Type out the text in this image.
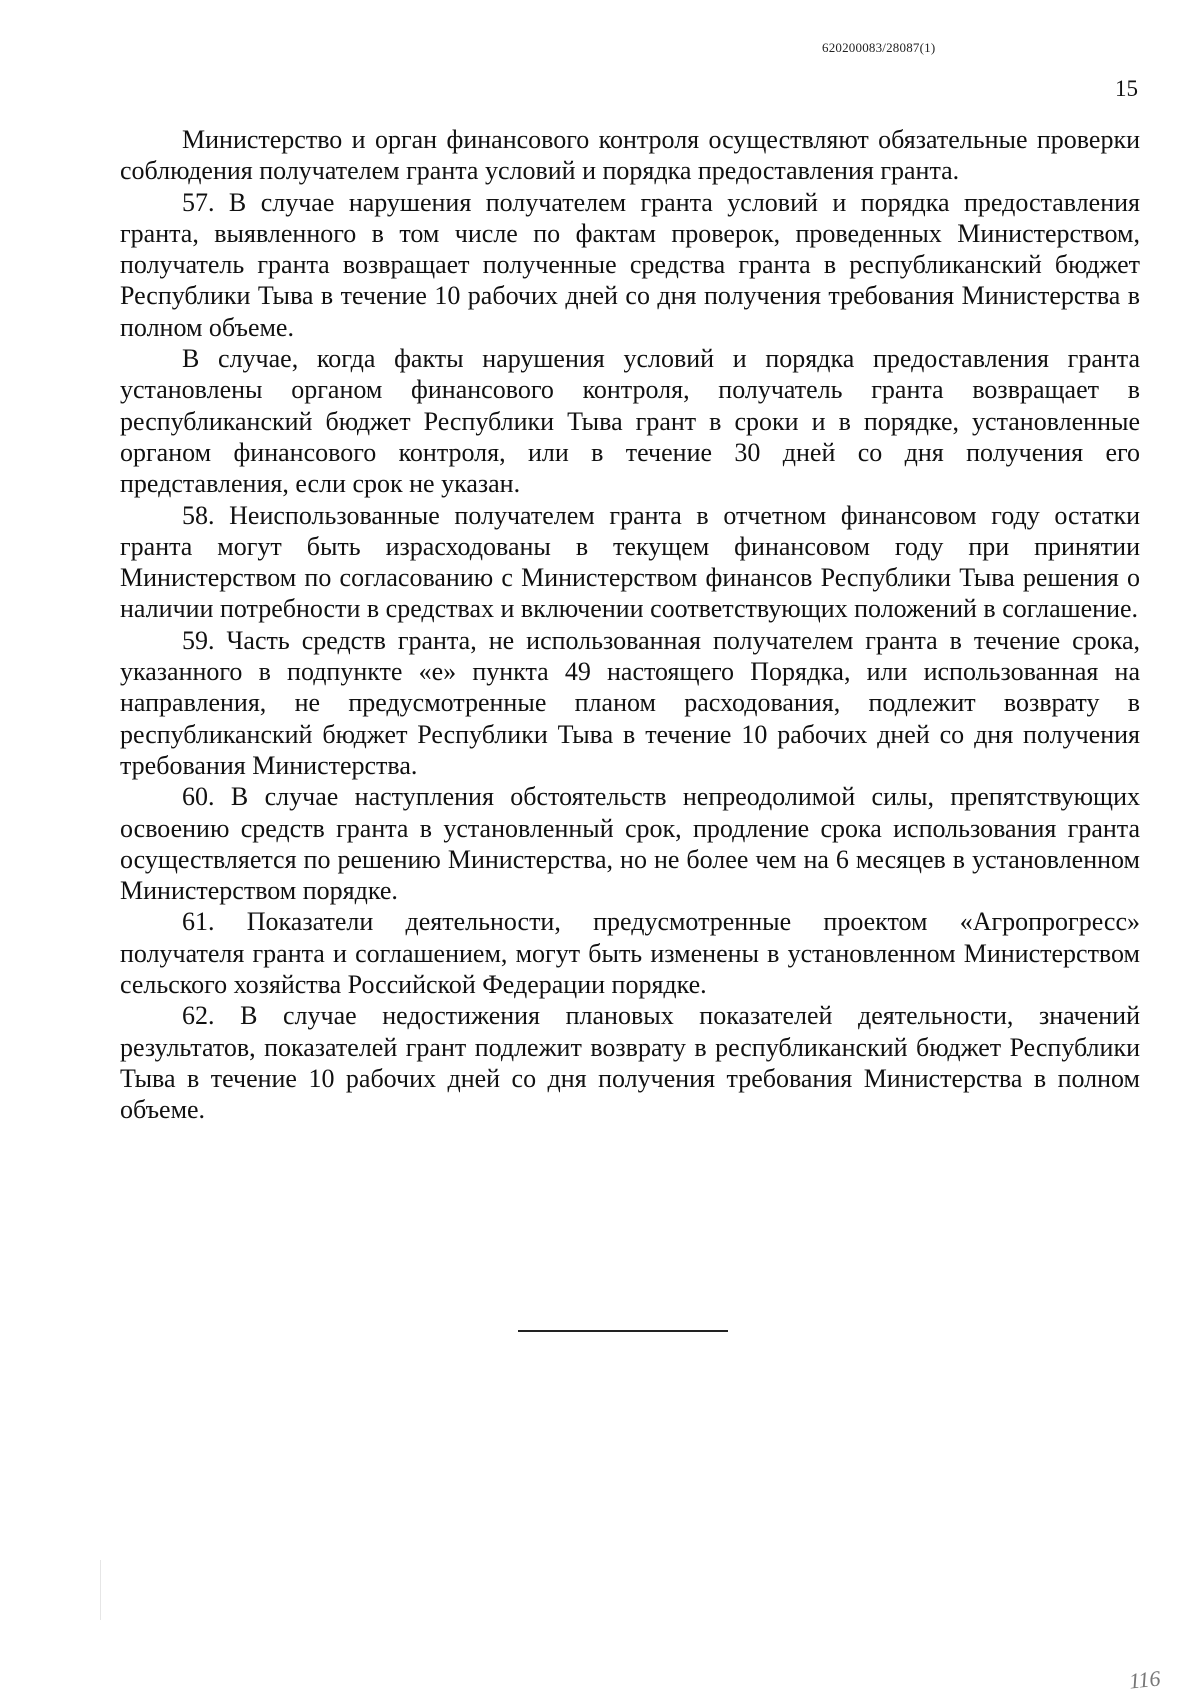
620200083/28087(1)
15

Министерство и орган финансового контроля осуществляют обязательные проверки соблюдения получателем гранта условий и порядка предоставления гранта.

57. В случае нарушения получателем гранта условий и порядка предоставления гранта, выявленного в том числе по фактам проверок, проведенных Министерством, получатель гранта возвращает полученные средства гранта в республиканский бюджет Республики Тыва в течение 10 рабочих дней со дня получения требования Министерства в полном объеме.

В случае, когда факты нарушения условий и порядка предоставления гранта установлены органом финансового контроля, получатель гранта возвращает в республиканский бюджет Республики Тыва грант в сроки и в порядке, установленные органом финансового контроля, или в течение 30 дней со дня получения его представления, если срок не указан.

58. Неиспользованные получателем гранта в отчетном финансовом году остатки гранта могут быть израсходованы в текущем финансовом году при принятии Министерством по согласованию с Министерством финансов Республики Тыва решения о наличии потребности в средствах и включении соответствующих положений в соглашение.

59. Часть средств гранта, не использованная получателем гранта в течение срока, указанного в подпункте «е» пункта 49 настоящего Порядка, или использованная на направления, не предусмотренные планом расходования, подлежит возврату в республиканский бюджет Республики Тыва в течение 10 рабочих дней со дня получения требования Министерства.

60. В случае наступления обстоятельств непреодолимой силы, препятствующих освоению средств гранта в установленный срок, продление срока использования гранта осуществляется по решению Министерства, но не более чем на 6 месяцев в установленном Министерством порядке.

61. Показатели деятельности, предусмотренные проектом «Агропрогресс» получателя гранта и соглашением, могут быть изменены в установленном Министерством сельского хозяйства Российской Федерации порядке.

62. В случае недостижения плановых показателей деятельности, значений результатов, показателей грант подлежит возврату в республиканский бюджет Республики Тыва в течение 10 рабочих дней со дня получения требования Министерства в полном объеме.

116
